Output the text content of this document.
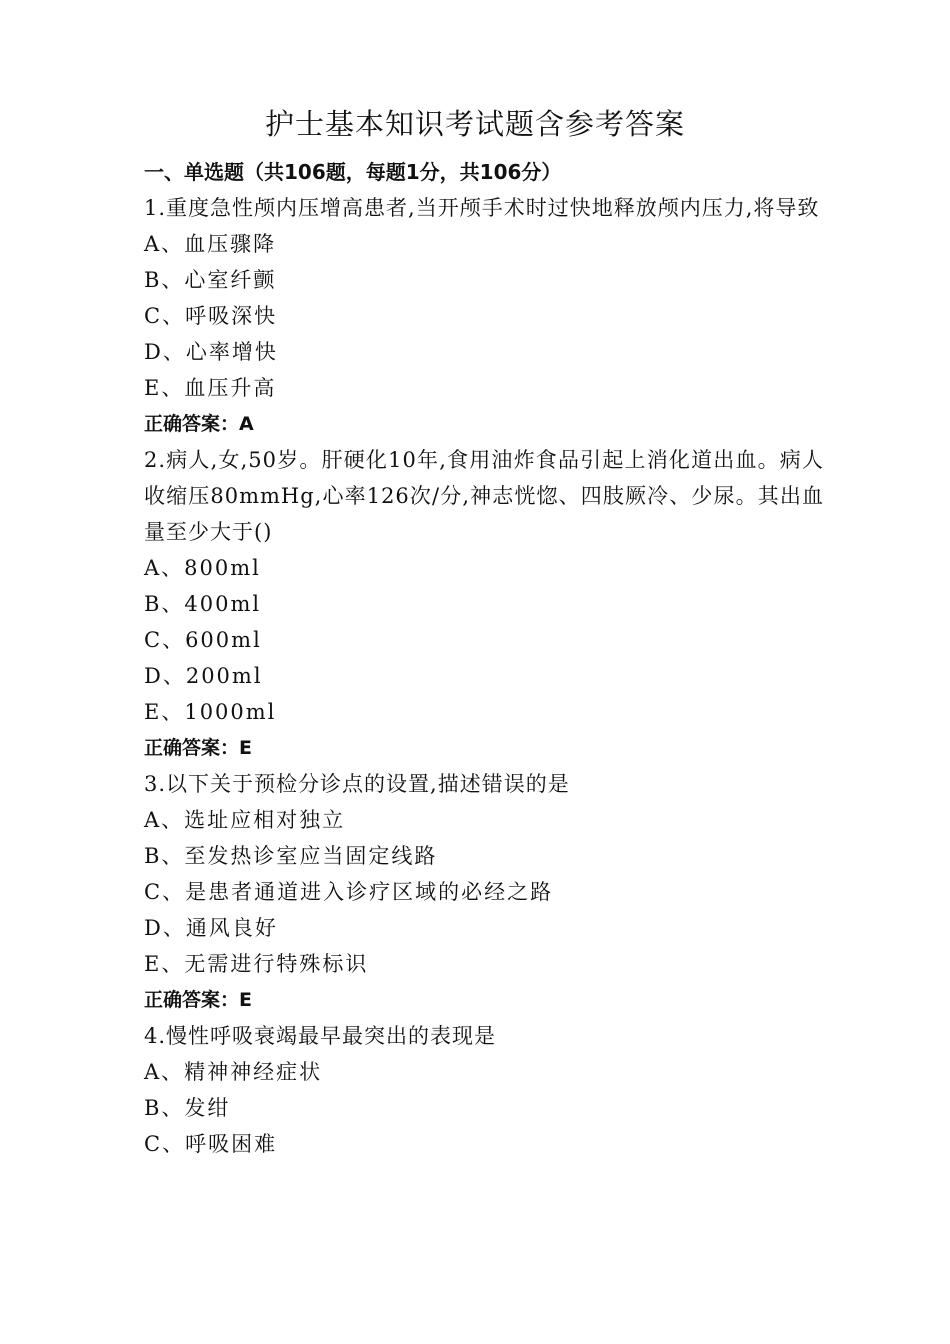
护士基本知识考试题含参考答案
一、单选题（共106题，每题1分，共106分）
1.重度急性颅内压增高患者,当开颅手术时过快地释放颅内压力,将导致
A、血压骤降
B、心室纤颤
C、呼吸深快
D、心率增快
E、血压升高
正确答案：A
2.病人,女,50岁。肝硬化10年,食用油炸食品引起上消化道出血。病人收缩压80mmHg,心率126次/分,神志恍惚、四肢厥冷、少尿。其出血量至少大于()
A、800ml
B、400ml
C、600ml
D、200ml
E、1000ml
正确答案：E
3.以下关于预检分诊点的设置,描述错误的是
A、选址应相对独立
B、至发热诊室应当固定线路
C、是患者通道进入诊疗区域的必经之路
D、通风良好
E、无需进行特殊标识
正确答案：E
4.慢性呼吸衰竭最早最突出的表现是
A、精神神经症状
B、发绀
C、呼吸困难
